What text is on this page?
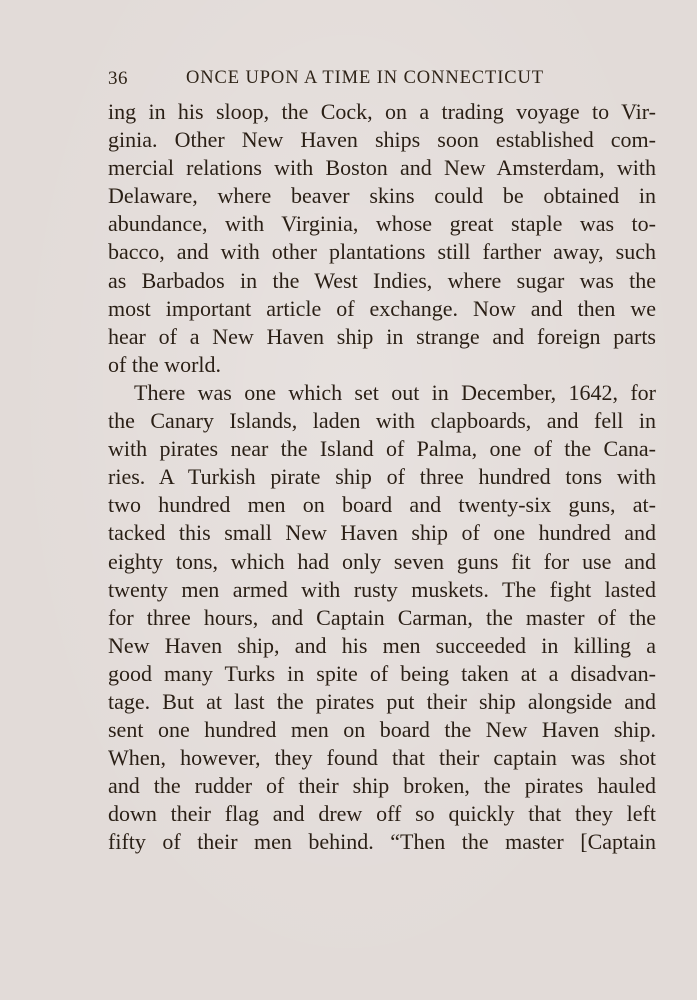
36	ONCE UPON A TIME IN CONNECTICUT
ing in his sloop, the Cock, on a trading voyage to Vir-
ginia. Other New Haven ships soon established com-
mercial relations with Boston and New Amsterdam, with
Delaware, where beaver skins could be obtained in
abundance, with Virginia, whose great staple was to-
bacco, and with other plantations still farther away, such
as Barbados in the West Indies, where sugar was the
most important article of exchange. Now and then we
hear of a New Haven ship in strange and foreign parts
of the world.
There was one which set out in December, 1642, for
the Canary Islands, laden with clapboards, and fell in
with pirates near the Island of Palma, one of the Cana-
ries. A Turkish pirate ship of three hundred tons with
two hundred men on board and twenty-six guns, at-
tacked this small New Haven ship of one hundred and
eighty tons, which had only seven guns fit for use and
twenty men armed with rusty muskets. The fight lasted
for three hours, and Captain Carman, the master of the
New Haven ship, and his men succeeded in killing a
good many Turks in spite of being taken at a disadvan-
tage. But at last the pirates put their ship alongside and
sent one hundred men on board the New Haven ship.
When, however, they found that their captain was shot
and the rudder of their ship broken, the pirates hauled
down their flag and drew off so quickly that they left
fifty of their men behind. “Then the master [Captain
